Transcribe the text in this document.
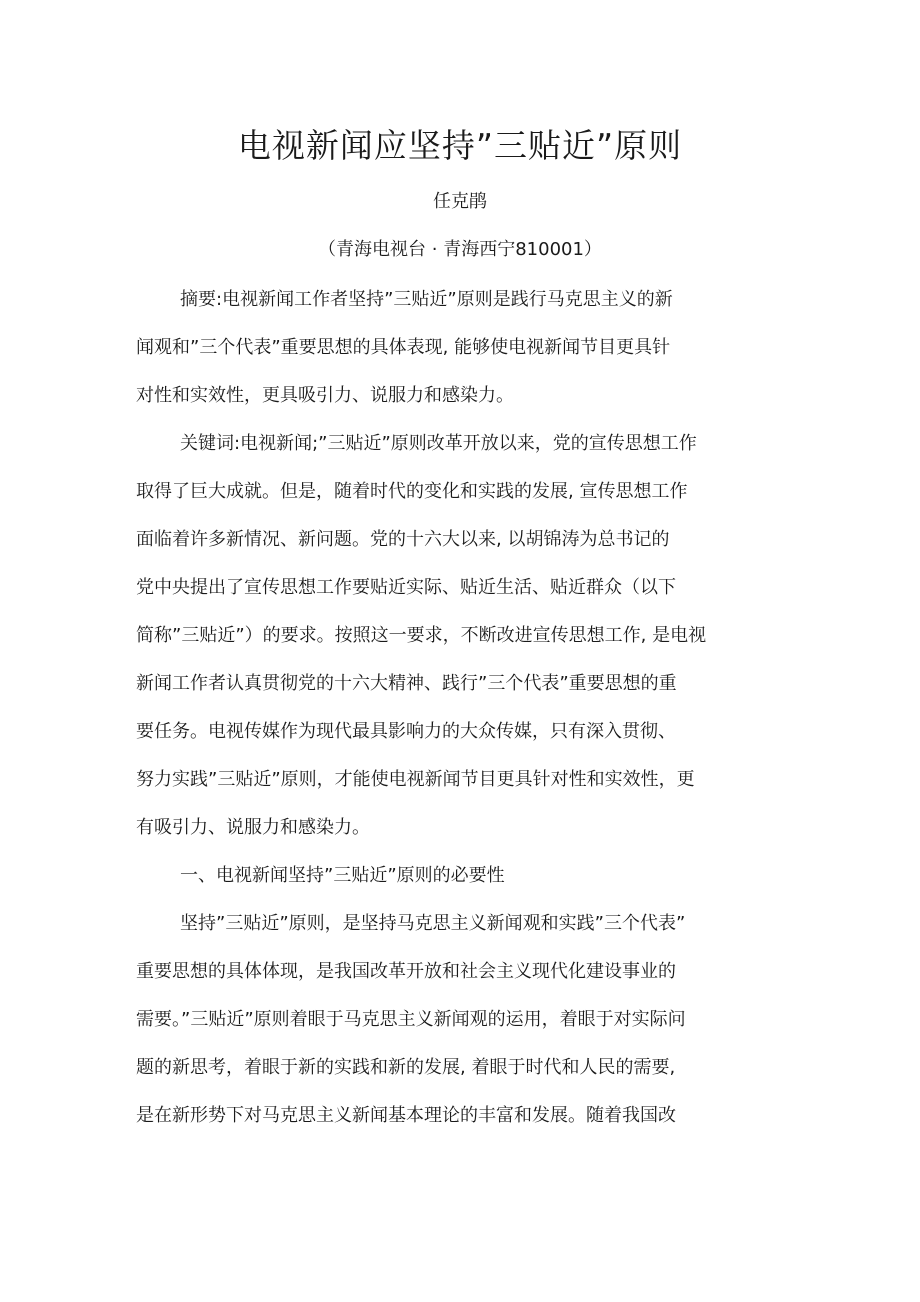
电视新闻应坚持”三贴近”原则
任克鹃
（青海电视台 · 青海西宁810001）
摘要:电视新闻工作者坚持”三贴近”原则是践行马克思主义的新
闻观和”三个代表”重要思想的具体表现, 能够使电视新闻节目更具针
对性和实效性，更具吸引力、说服力和感染力。
关键词:电视新闻;”三贴近”原则改革开放以来，党的宣传思想工作
取得了巨大成就。但是，随着时代的变化和实践的发展, 宣传思想工作
面临着许多新情况、新问题。党的十六大以来, 以胡锦涛为总书记的
党中央提出了宣传思想工作要贴近实际、贴近生活、贴近群众（以下
简称”三贴近”）的要求。按照这一要求，不断改进宣传思想工作, 是电视
新闻工作者认真贯彻党的十六大精神、践行”三个代表”重要思想的重
要任务。电视传媒作为现代最具影响力的大众传媒，只有深入贯彻、
努力实践”三贴近”原则，才能使电视新闻节目更具针对性和实效性，更
有吸引力、说服力和感染力。
一、电视新闻坚持”三贴近”原则的必要性
坚持”三贴近”原则，是坚持马克思主义新闻观和实践”三个代表”
重要思想的具体体现，是我国改革开放和社会主义现代化建设事业的
需要。”三贴近”原则着眼于马克思主义新闻观的运用，着眼于对实际问
题的新思考，着眼于新的实践和新的发展, 着眼于时代和人民的需要,
是在新形势下对马克思主义新闻基本理论的丰富和发展。随着我国改
